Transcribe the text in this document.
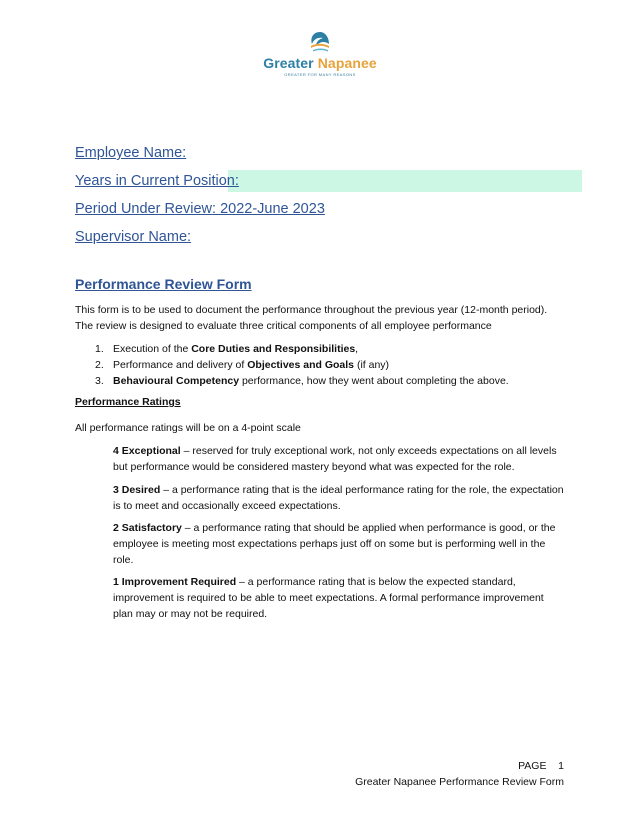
Greater Napanee
GREATER FOR MANY REASONS
Employee Name:
Years in Current Position:
Period Under Review: 2022-June 2023
Supervisor Name:
Performance Review Form
This form is to be used to document the performance throughout the previous year (12-month period).
The review is designed to evaluate three critical components of all employee performance
1. Execution of the Core Duties and Responsibilities,
2. Performance and delivery of Objectives and Goals (if any)
3. Behavioural Competency performance, how they went about completing the above.
Performance Ratings
All performance ratings will be on a 4-point scale
4 Exceptional – reserved for truly exceptional work, not only exceeds expectations on all levels but performance would be considered mastery beyond what was expected for the role.
3 Desired – a performance rating that is the ideal performance rating for the role, the expectation is to meet and occasionally exceed expectations.
2 Satisfactory – a performance rating that should be applied when performance is good, or the employee is meeting most expectations perhaps just off on some but is performing well in the role.
1 Improvement Required – a performance rating that is below the expected standard, improvement is required to be able to meet expectations. A formal performance improvement plan may or may not be required.
PAGE 1
Greater Napanee Performance Review Form
